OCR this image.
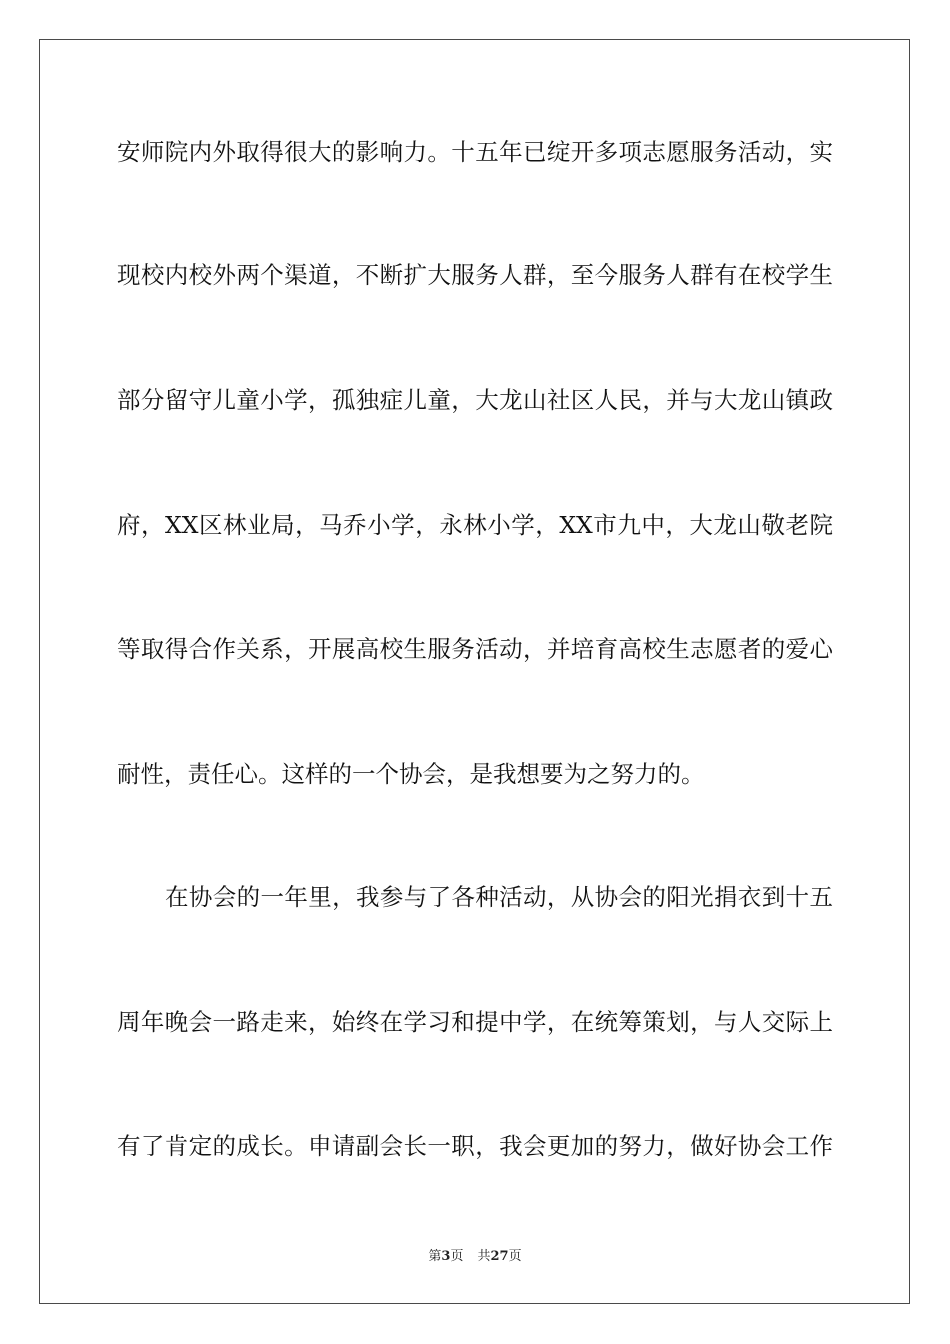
安师院内外取得很大的影响力。十五年已绽开多项志愿服务活动，实
现校内校外两个渠道，不断扩大服务人群，至今服务人群有在校学生
部分留守儿童小学，孤独症儿童，大龙山社区人民，并与大龙山镇政
府，XX区林业局，马乔小学，永林小学，XX市九中，大龙山敬老院
等取得合作关系，开展高校生服务活动，并培育高校生志愿者的爱心
耐性，责任心。这样的一个协会，是我想要为之努力的。
在协会的一年里，我参与了各种活动，从协会的阳光捐衣到十五
周年晚会一路走来，始终在学习和提中学，在统筹策划，与人交际上
有了肯定的成长。申请副会长一职，我会更加的努力，做好协会工作
第3页 共27页
